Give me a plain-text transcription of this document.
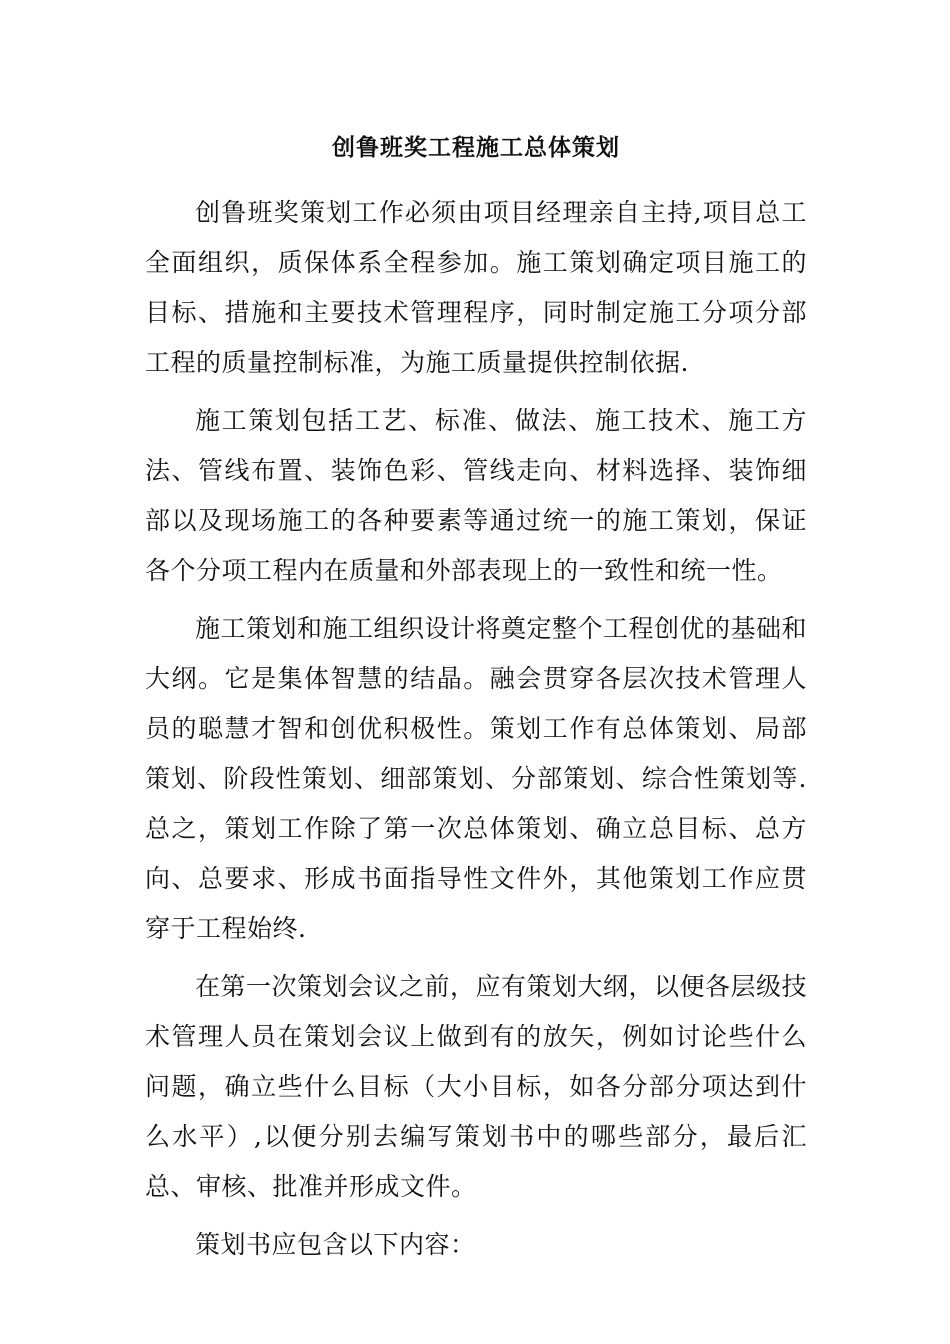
创鲁班奖工程施工总体策划

创鲁班奖策划工作必须由项目经理亲自主持,项目总工全面组织，质保体系全程参加。施工策划确定项目施工的目标、措施和主要技术管理程序，同时制定施工分项分部工程的质量控制标准，为施工质量提供控制依据.

施工策划包括工艺、标准、做法、施工技术、施工方法、管线布置、装饰色彩、管线走向、材料选择、装饰细部以及现场施工的各种要素等通过统一的施工策划，保证各个分项工程内在质量和外部表现上的一致性和统一性。

施工策划和施工组织设计将奠定整个工程创优的基础和大纲。它是集体智慧的结晶。融会贯穿各层次技术管理人员的聪慧才智和创优积极性。策划工作有总体策划、局部策划、阶段性策划、细部策划、分部策划、综合性策划等.总之，策划工作除了第一次总体策划、确立总目标、总方向、总要求、形成书面指导性文件外，其他策划工作应贯穿于工程始终.

在第一次策划会议之前，应有策划大纲，以便各层级技术管理人员在策划会议上做到有的放矢，例如讨论些什么问题，确立些什么目标（大小目标，如各分部分项达到什么水平）,以便分别去编写策划书中的哪些部分，最后汇总、审核、批准并形成文件。

策划书应包含以下内容：
